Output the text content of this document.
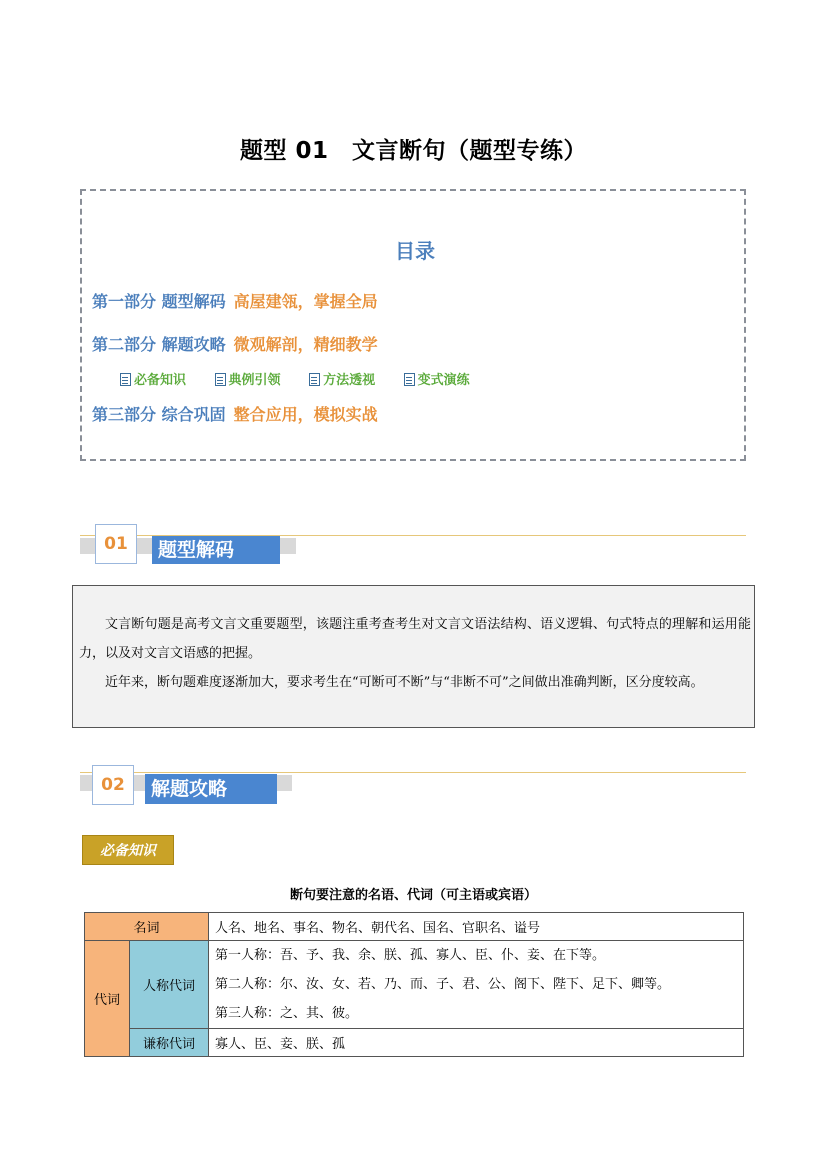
题型 01　文言断句（题型专练）
目录
第一部分 题型解码 高屋建瓴，掌握全局
第二部分 解题攻略 微观解剖，精细教学
必备知识	典例引领	方法透视	变式演练
第三部分 综合巩固 整合应用，模拟实战
题型解码
01

文言断句题是高考文言文重要题型，该题注重考查考生对文言文语法结构、语义逻辑、句式特点的理解和运用能力，以及对文言文语感的把握。

近年来，断句题难度逐渐加大，要求考生在“可断可不断”与“非断不可”之间做出准确判断，区分度较高。

解题攻略
02
必备知识
断句要注意的名语、代词（可主语或宾语）
名词		人名、地名、事名、物名、朝代名、国名、官职名、谥号
代词	人称代词	第一人称：吾、予、我、余、朕、孤、寡人、臣、仆、妾、在下等。
第二人称：尔、汝、女、若、乃、而、子、君、公、阁下、陛下、足下、卿等。
第三人称：之、其、彼。

	谦称代词	寡人、臣、妾、朕、孤
